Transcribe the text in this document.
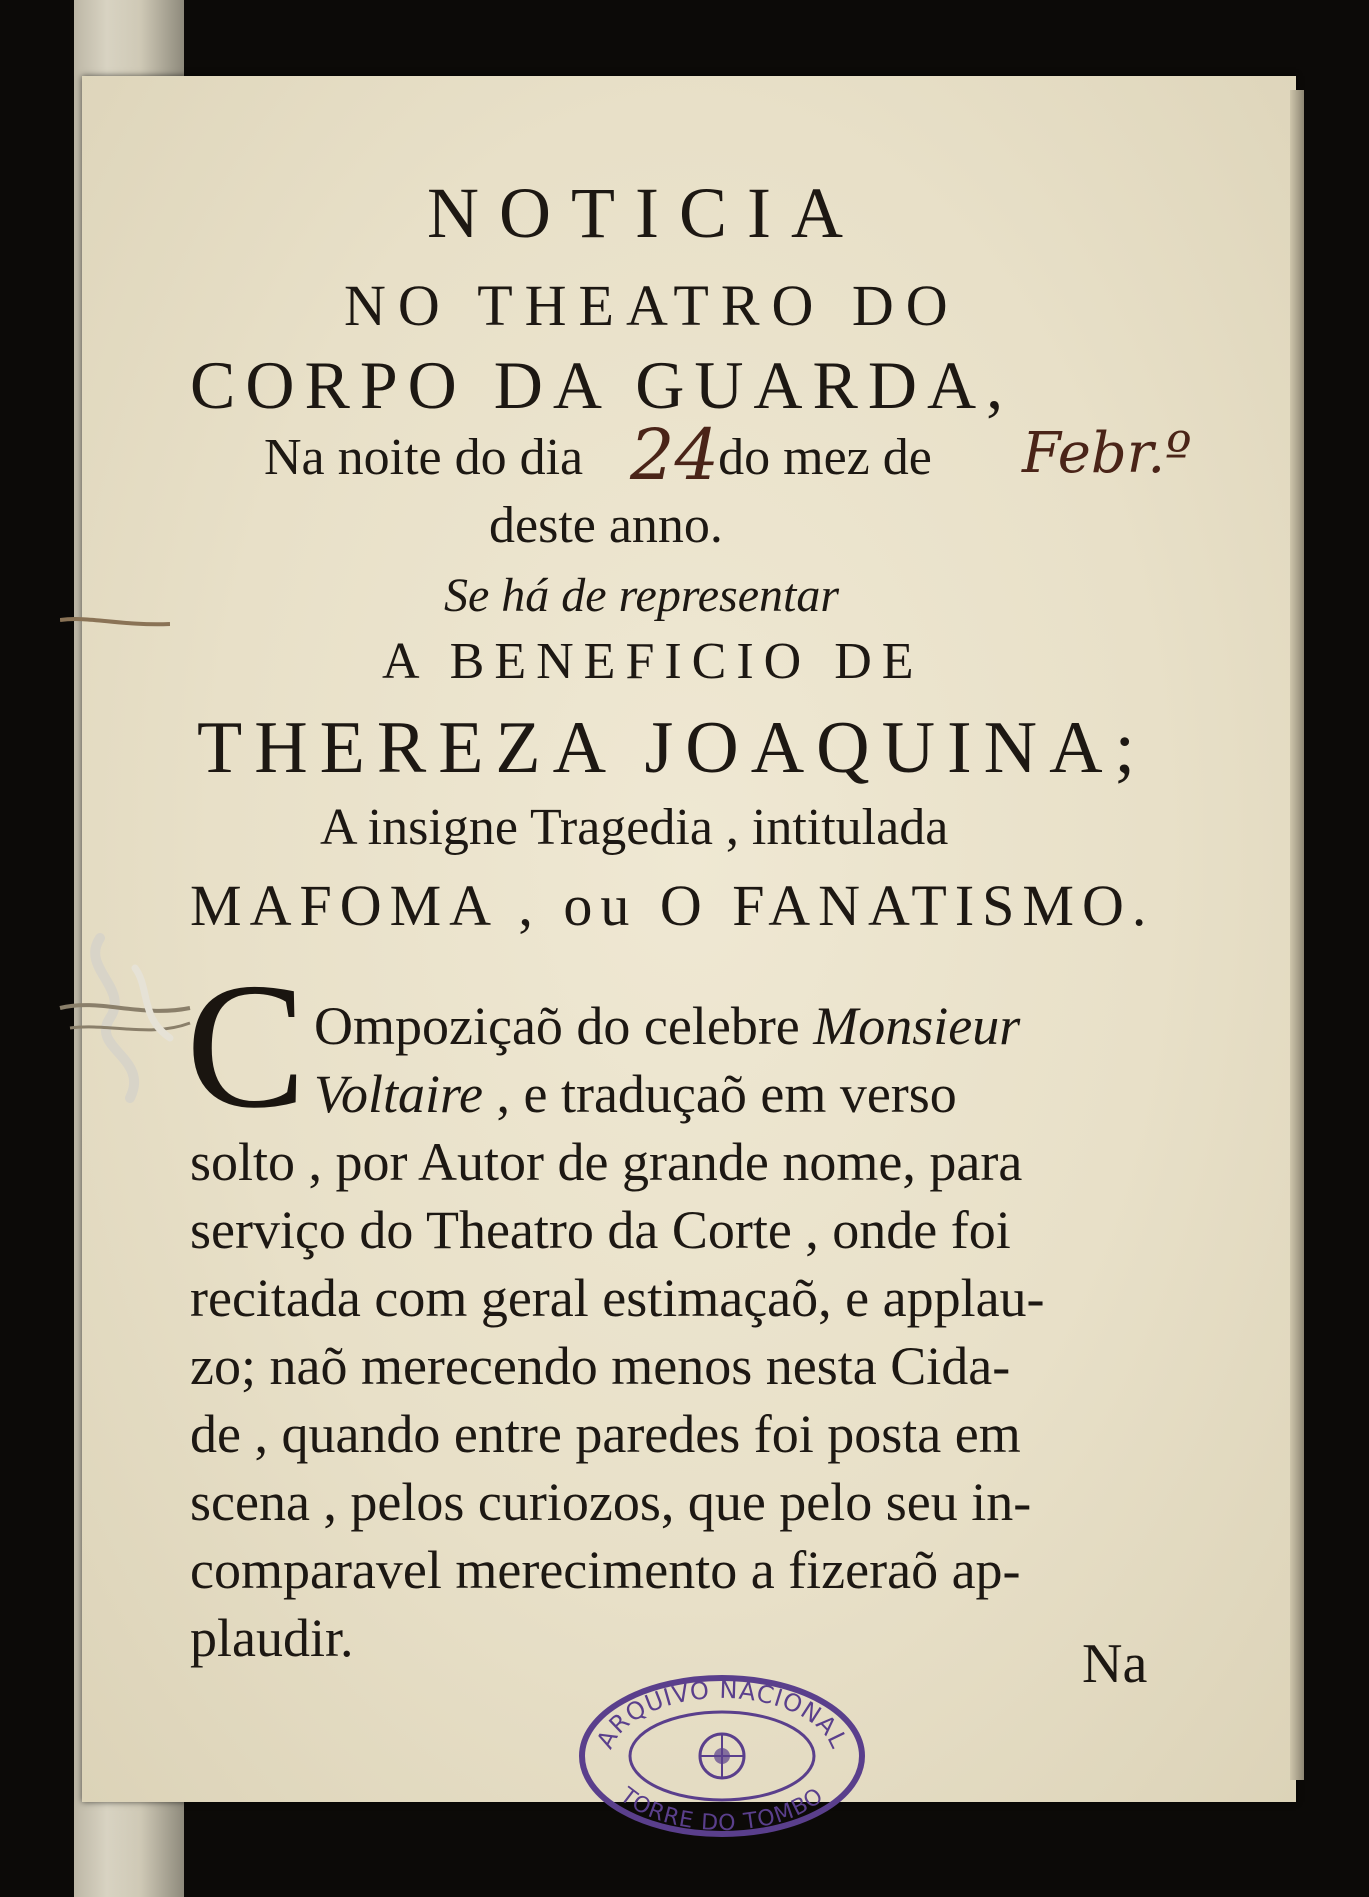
NOTICIA
NO THEATRO DO
CORPO DA GUARDA,
Na noite do dia	do mez de
24	Febr.º
deste anno.
Se há de representar
A BENEFICIO DE
THEREZA JOAQUINA;
A insigne Tragedia , intitulada
MAFOMA , ou O FANATISMO.
C Ompoziçaõ do celebre Monsieur
Voltaire , e traduçaõ em verso
solto , por Autor de grande nome, para
serviço do Theatro da Corte , onde foi
recitada com geral estimaçaõ, e applau-
zo; naõ merecendo menos nesta Cida-
de , quando entre paredes foi posta em
scena , pelos curiozos, que pelo seu in-
comparavel merecimento a fizeraõ ap-
plaudir.	Na
ARQUIVO NACIONAL
TORRE DO TOMBO
